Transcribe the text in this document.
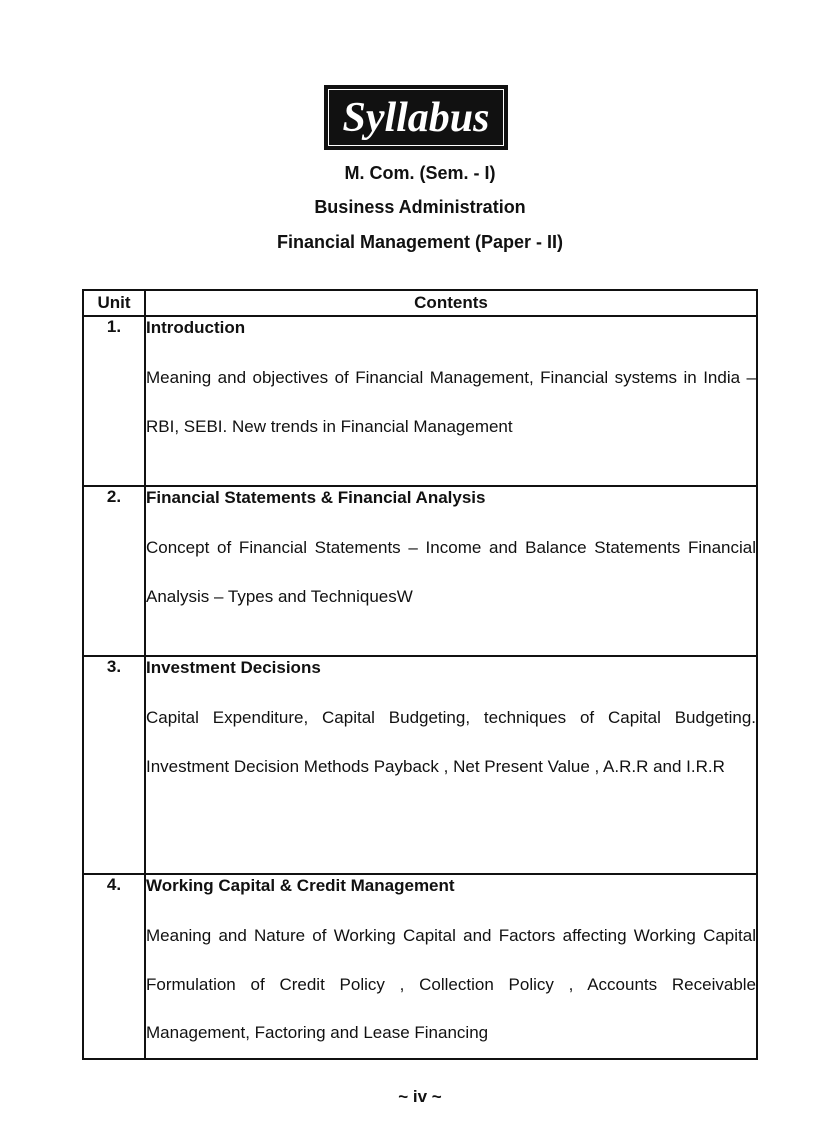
Syllabus
M. Com. (Sem. - I)
Business Administration
Financial Management (Paper - II)
Unit	Contents
1.	Introduction
Meaning and objectives of Financial Management, Financial systems in India – RBI, SEBI. New trends in Financial Management

2.	Financial Statements & Financial Analysis
Concept of Financial Statements – Income and Balance Statements Financial Analysis – Types and TechniquesW

3.	Investment Decisions
Capital Expenditure, Capital Budgeting, techniques of Capital Budgeting. Investment Decision Methods Payback , Net Present Value , A.R.R and I.R.R

4.	Working Capital & Credit Management
Meaning and Nature of Working Capital and Factors affecting Working Capital Formulation of Credit Policy , Collection Policy , Accounts Receivable Management, Factoring and Lease Financing
~ iv ~
